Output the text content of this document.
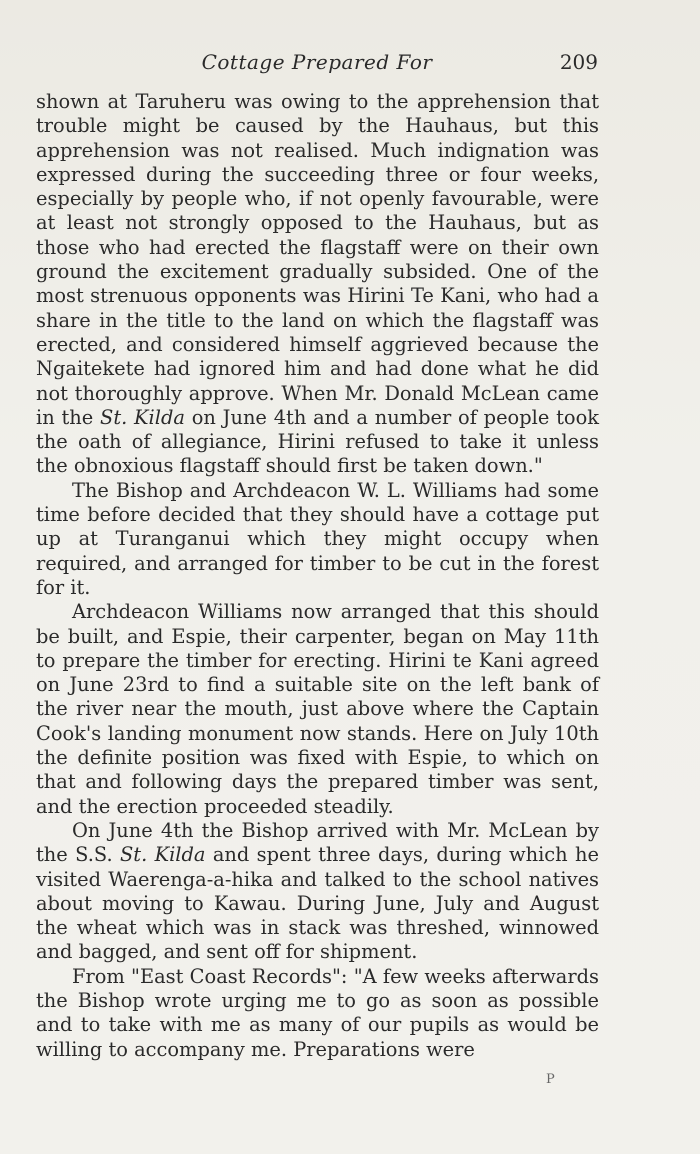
Cottage Prepared For	209

shown at Taruheru was owing to the apprehension that trouble might be caused by the Hauhaus, but this apprehension was not realised. Much indignation was expressed during the succeeding three or four weeks, especially by people who, if not openly favourable, were at least not strongly opposed to the Hauhaus, but as those who had erected the flagstaff were on their own ground the excitement gradually subsided. One of the most strenuous opponents was Hirini Te Kani, who had a share in the title to the land on which the flagstaff was erected, and considered himself aggrieved because the Ngaitekete had ignored him and had done what he did not thoroughly approve. When Mr. Donald McLean came in the St. Kilda on June 4th and a number of people took the oath of allegiance, Hirini refused to take it unless the obnoxious flagstaff should first be taken down."

The Bishop and Archdeacon W. L. Williams had some time before decided that they should have a cottage put up at Turanganui which they might occupy when required, and arranged for timber to be cut in the forest for it.

Archdeacon Williams now arranged that this should be built, and Espie, their carpenter, began on May 11th to prepare the timber for erecting. Hirini te Kani agreed on June 23rd to find a suitable site on the left bank of the river near the mouth, just above where the Captain Cook's landing monument now stands. Here on July 10th the definite position was fixed with Espie, to which on that and following days the prepared timber was sent, and the erection proceeded steadily.

On June 4th the Bishop arrived with Mr. McLean by the S.S. St. Kilda and spent three days, during which he visited Waerenga-a-hika and talked to the school natives about moving to Kawau. During June, July and August the wheat which was in stack was threshed, winnowed and bagged, and sent off for shipment.

From "East Coast Records": "A few weeks afterwards the Bishop wrote urging me to go as soon as possible and to take with me as many of our pupils as would be willing to accompany me. Preparations were

P
